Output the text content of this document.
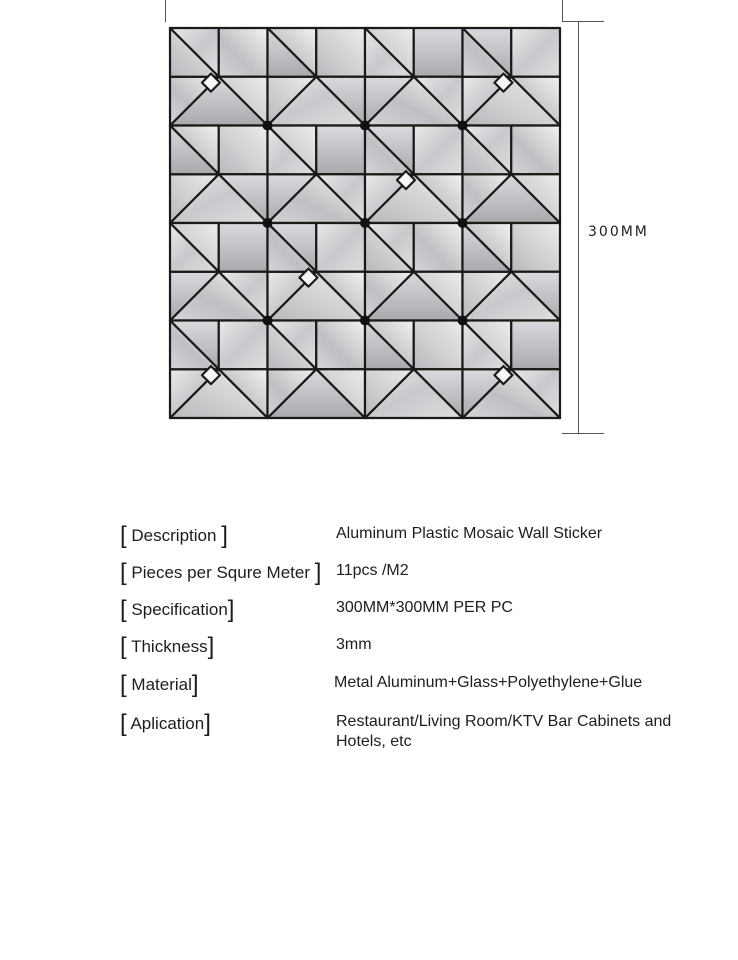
300MM
[ Description ]	Aluminum Plastic Mosaic Wall Sticker
[ Pieces per Squre Meter ] 11pcs /M2
[ Specification]	300MM*300MM PER PC
[ Thickness]	3mm
[ Material]	Metal Aluminum+Glass+Polyethylene+Glue
[ Aplication]	Restaurant/Living Room/KTV Bar Cabinets and Hotels, etc
